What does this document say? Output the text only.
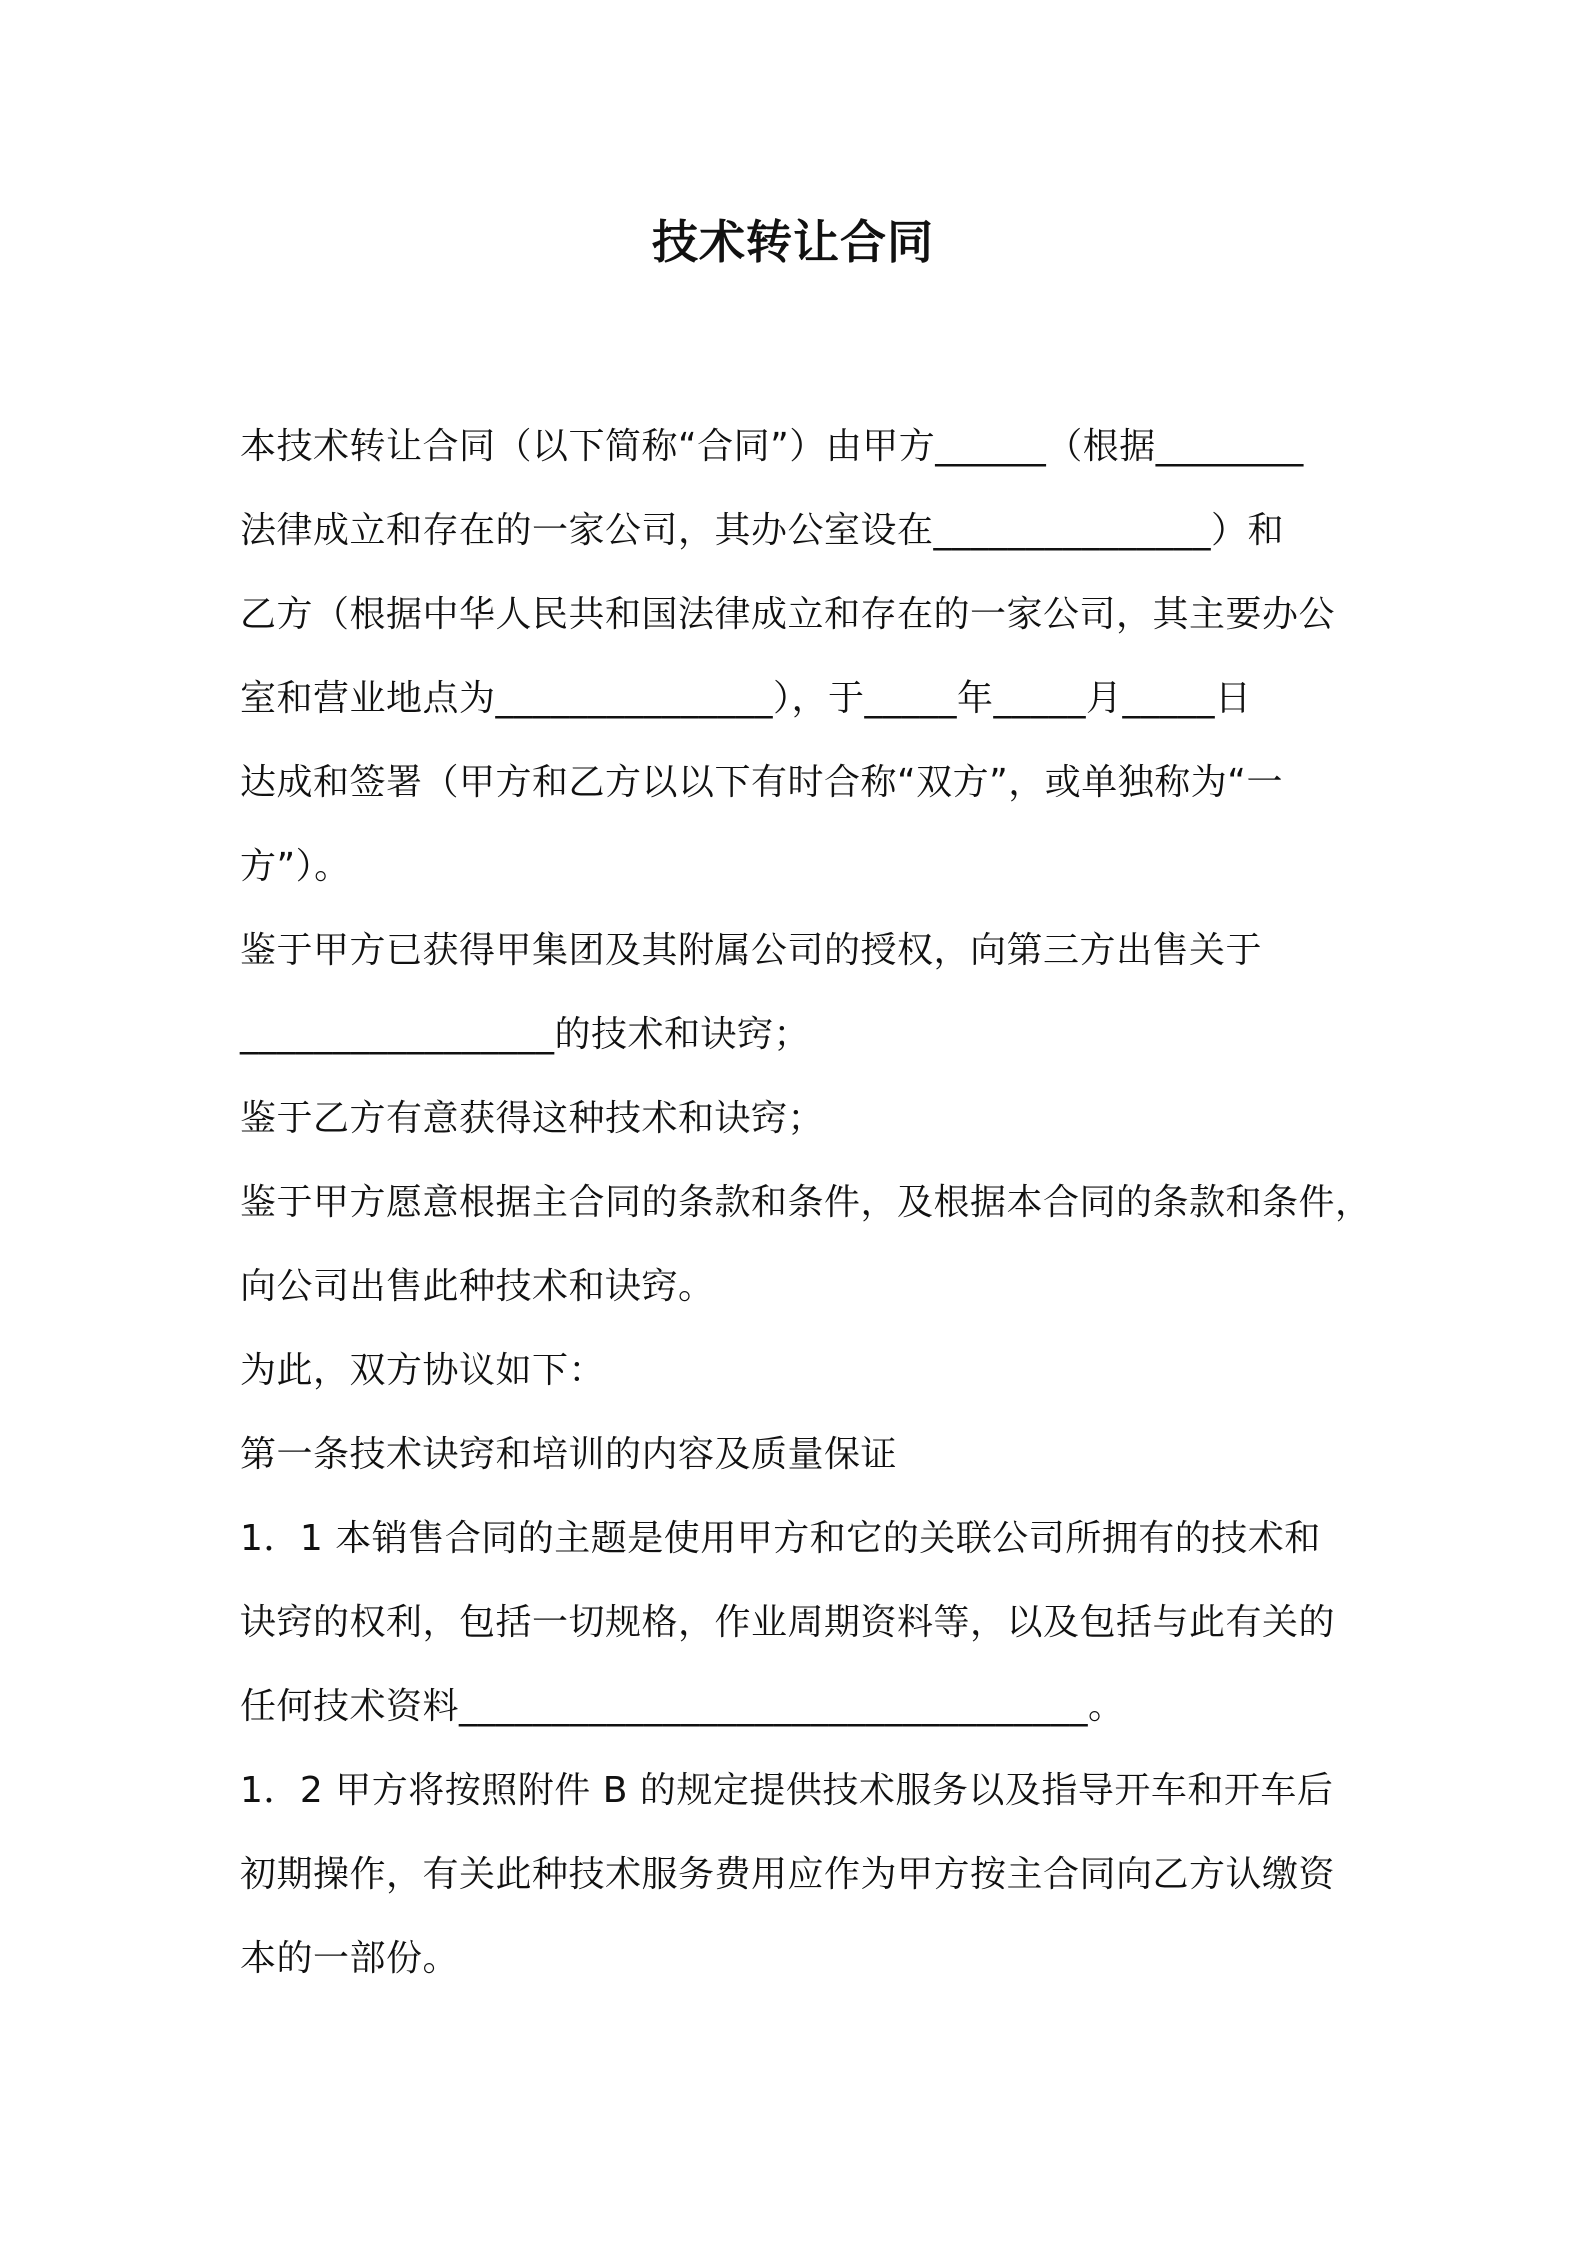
技术转让合同
本技术转让合同（以下简称“合同”）由甲方______（根据________
法律成立和存在的一家公司，其办公室设在_______________）和
乙方（根据中华人民共和国法律成立和存在的一家公司，其主要办公
室和营业地点为_______________），于_____年_____月_____日
达成和签署（甲方和乙方以以下有时合称“双方”，或单独称为“一
方”）。
鉴于甲方已获得甲集团及其附属公司的授权，向第三方出售关于
_________________的技术和诀窍；
鉴于乙方有意获得这种技术和诀窍；
鉴于甲方愿意根据主合同的条款和条件，及根据本合同的条款和条件，
向公司出售此种技术和诀窍。
为此，双方协议如下：
第一条技术诀窍和培训的内容及质量保证
1．1 本销售合同的主题是使用甲方和它的关联公司所拥有的技术和
诀窍的权利，包括一切规格，作业周期资料等，以及包括与此有关的
任何技术资料__________________________________。
1．2 甲方将按照附件 B 的规定提供技术服务以及指导开车和开车后
初期操作，有关此种技术服务费用应作为甲方按主合同向乙方认缴资
本的一部份。
